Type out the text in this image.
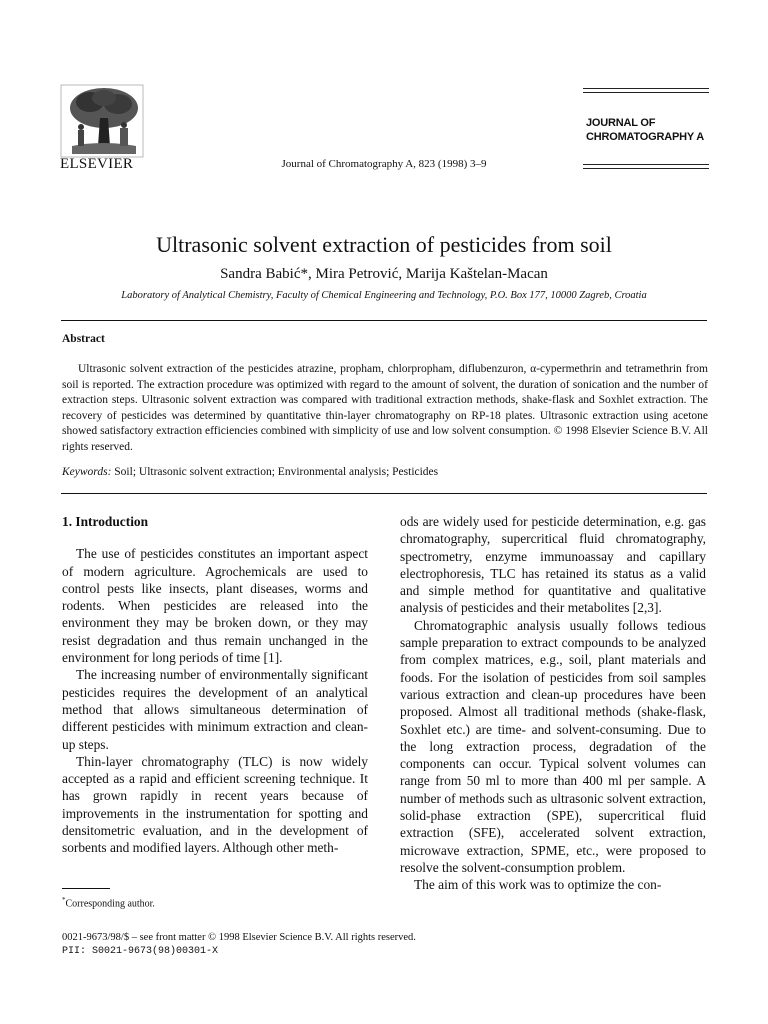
ELSEVIER	Journal of Chromatography A, 823 (1998) 3–9
JOURNAL OF
CHROMATOGRAPHY A
Ultrasonic solvent extraction of pesticides from soil
Sandra Babić*, Mira Petrović, Marija Kaštelan-Macan
Laboratory of Analytical Chemistry, Faculty of Chemical Engineering and Technology, P.O. Box 177, 10000 Zagreb, Croatia
Abstract
Ultrasonic solvent extraction of the pesticides atrazine, propham, chlorpropham, diflubenzuron, α-cypermethrin and tetramethrin from soil is reported. The extraction procedure was optimized with regard to the amount of solvent, the duration of sonication and the number of extraction steps. Ultrasonic solvent extraction was compared with traditional extraction methods, shake-flask and Soxhlet extraction. The recovery of pesticides was determined by quantitative thin-layer chromatography on RP-18 plates. Ultrasonic extraction using acetone showed satisfactory extraction efficiencies combined with simplicity of use and low solvent consumption. © 1998 Elsevier Science B.V. All rights reserved.
Keywords: Soil; Ultrasonic solvent extraction; Environmental analysis; Pesticides
1. Introduction

The use of pesticides constitutes an important aspect of modern agriculture. Agrochemicals are used to control pests like insects, plant diseases, worms and rodents. When pesticides are released into the environment they may be broken down, or they may resist degradation and thus remain unchanged in the environment for long periods of time [1].

The increasing number of environmentally significant pesticides requires the development of an analytical method that allows simultaneous determination of different pesticides with minimum extraction and clean-up steps.

Thin-layer chromatography (TLC) is now widely accepted as a rapid and efficient screening technique. It has grown rapidly in recent years because of improvements in the instrumentation for spotting and densitometric evaluation, and in the development of sorbents and modified layers. Although other meth-

ods are widely used for pesticide determination, e.g. gas chromatography, supercritical fluid chromatography, spectrometry, enzyme immunoassay and capillary electrophoresis, TLC has retained its status as a valid and simple method for quantitative and qualitative analysis of pesticides and their metabolites [2,3].

Chromatographic analysis usually follows tedious sample preparation to extract compounds to be analyzed from complex matrices, e.g., soil, plant materials and foods. For the isolation of pesticides from soil samples various extraction and clean-up procedures have been proposed. Almost all traditional methods (shake-flask, Soxhlet etc.) are time- and solvent-consuming. Due to the long extraction process, degradation of the components can occur. Typical solvent volumes can range from 50 ml to more than 400 ml per sample. A number of methods such as ultrasonic solvent extraction, solid-phase extraction (SPE), supercritical fluid extraction (SFE), accelerated solvent extraction, microwave extraction, SPME, etc., were proposed to resolve the solvent-consumption problem.

The aim of this work was to optimize the con-

*Corresponding author.
0021-9673/98/$ – see front matter © 1998 Elsevier Science B.V. All rights reserved.
PII: S0021-9673(98)00301-X
